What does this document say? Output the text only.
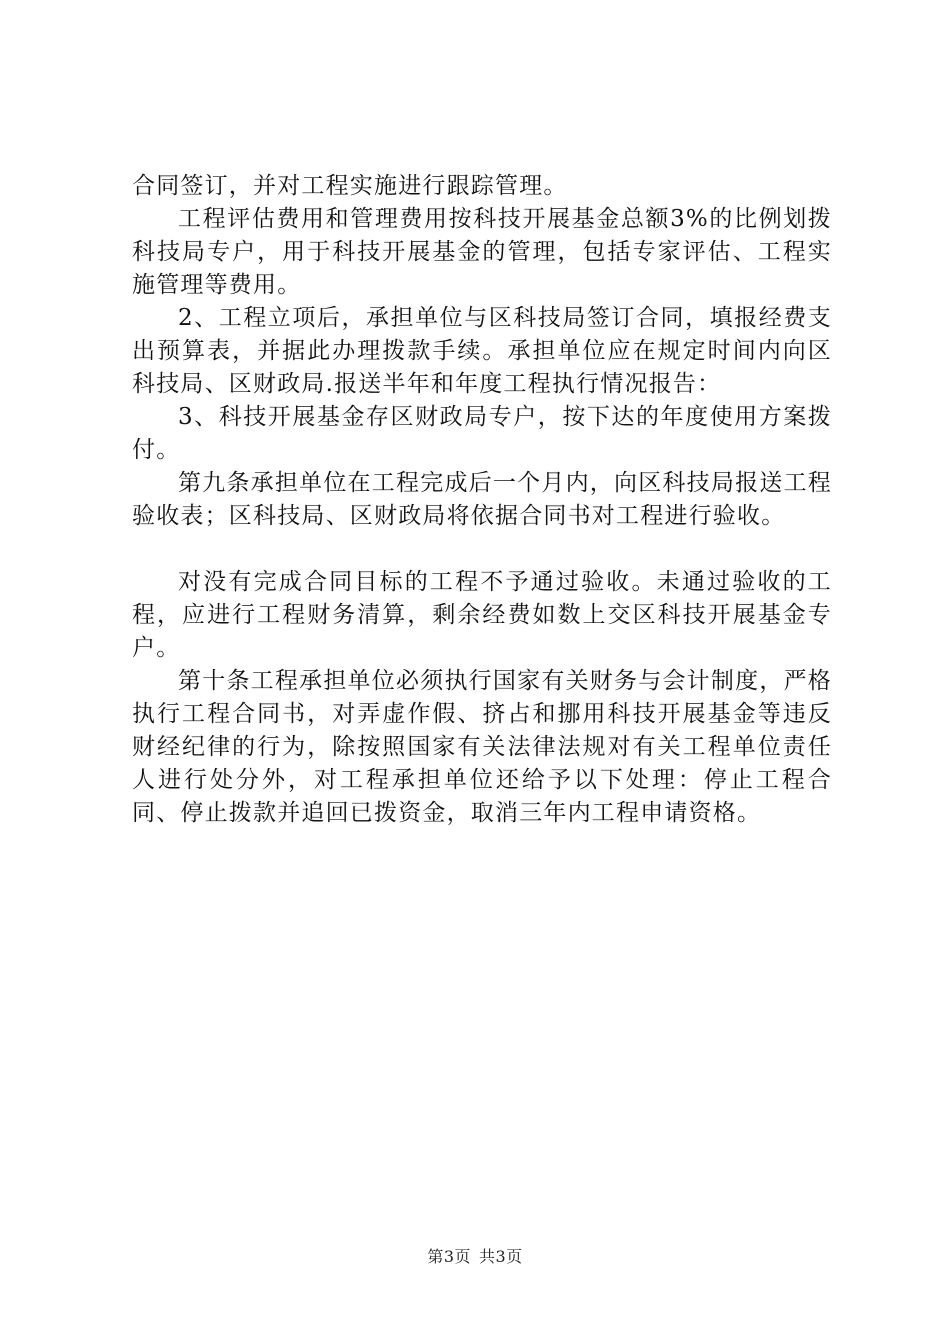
合同签订，并对工程实施进行跟踪管理。

工程评估费用和管理费用按科技开展基金总额3%的比例划拨科技局专户，用于科技开展基金的管理，包括专家评估、工程实施管理等费用。

2、工程立项后，承担单位与区科技局签订合同，填报经费支出预算表，并据此办理拨款手续。承担单位应在规定时间内向区科技局、区财政局.报送半年和年度工程执行情况报告：

3、科技开展基金存区财政局专户，按下达的年度使用方案拨付。

第九条承担单位在工程完成后一个月内，向区科技局报送工程验收表；区科技局、区财政局将依据合同书对工程进行验收。

对没有完成合同目标的工程不予通过验收。未通过验收的工程，应进行工程财务清算，剩余经费如数上交区科技开展基金专户。

第十条工程承担单位必须执行国家有关财务与会计制度，严格执行工程合同书，对弄虚作假、挤占和挪用科技开展基金等违反财经纪律的行为，除按照国家有关法律法规对有关工程单位责任人进行处分外，对工程承担单位还给予以下处理：停止工程合同、停止拨款并追回已拨资金，取消三年内工程申请资格。

第3页 共3页
